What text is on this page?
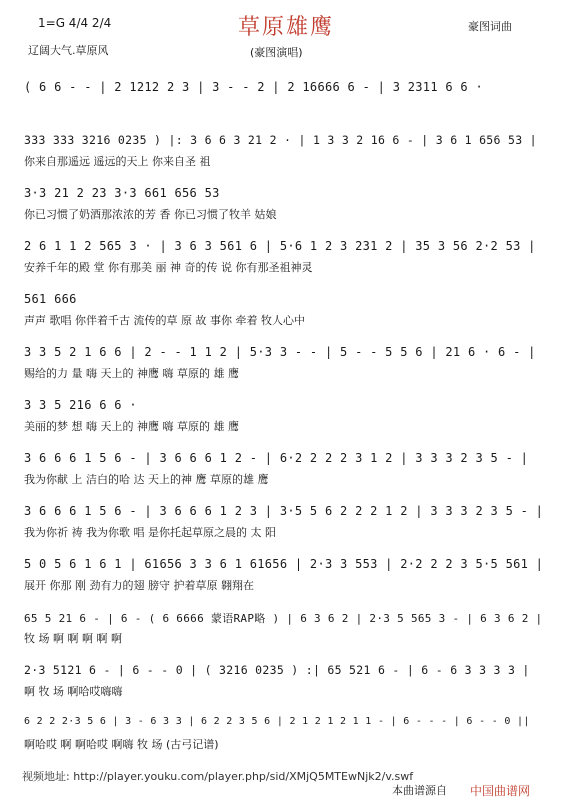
草原雄鹰
1=G 4/4 2/4
辽阔大气.草原风	(豪图演唱)
豪图词曲
( 6 6 - - | 2 1212 2 3 | 3 - - 2 | 2 16666 6 - | 3 2311 6 6 ·
333 333 3216 0235 ) |: 3 6 6 3 21 2 · | 1 3 3 2 16 6 - | 3 6 1 656 53 |
你来自那遥远 遥远的天上 你来自圣 祖
3·3 21 2 23 3·3 661 656 53
你已习惯了奶酒那浓浓的芳 香 你已习惯了牧羊 姑娘
2 6 1 1 2 565 3 · | 3 6 3 561 6 | 5·6 1 2 3 231 2 | 35 3 56 2·2 53 |
安养千年的殿 堂 你有那美 丽 神 奇的传 说 你有那圣祖神灵
561 666
声声 歌唱 你伴着千古 流传的草 原 故 事你 牵着 牧人心中
3 3 5 2 1 6 6 | 2 - - 1 1 2 | 5·3 3 - - | 5 - - 5 5 6 | 21 6 · 6 - |
赐给的力 量 嗨 天上的 神鹰 嗨 草原的 雄 鹰
3 3 5 216 6 6 ·
美丽的梦 想 嗨 天上的 神鹰 嗨 草原的 雄 鹰
3 6 6 6 1 5 6 - | 3 6 6 6 1 2 - | 6·2 2 2 2 3 1 2 | 3 3 3 2 3 5 - |
我为你献 上 洁白的哈 达 天上的神 鹰 草原的雄 鹰
3 6 6 6 1 5 6 - | 3 6 6 6 1 2 3 | 3·5 5 6 2 2 2 1 2 | 3 3 3 2 3 5 - |
我为你祈 祷 我为你歌 唱 是你托起草原之晨的 太 阳
5 0 5 6 1 6 1 | 61656 3 3 6 1 61656 | 2·3 3 553 | 2·2 2 2 3 5·5 561 |
展开 你那 刚 劲有力的翅 膀守 护着草原 翱翔在
65 5 21 6 - | 6 - ( 6 6666 蒙语RAP略 ) | 6 3 6 2 | 2·3 5 565 3 - | 6 3 6 2 |
牧 场 啊 啊 啊 啊 啊
2·3 5121 6 - | 6 - - 0 | ( 3216 0235 ) :| 65 521 6 - | 6 - 6 3 3 3 3 |
啊 牧 场 啊哈哎嗨嗨
6 2 2 2·3 5 6 | 3 - 6 3 3 | 6 2 2 3 5 6 | 2 1 2 1 2 1 1 - | 6 - - - | 6 - - 0 ||
啊哈哎 啊 啊哈哎 啊嗨 牧 场 (古弓记谱)
视频地址: http://player.youku.com/player.php/sid/XMjQ5MTEwNjk2/v.swf
本曲谱源自 中国曲谱网
